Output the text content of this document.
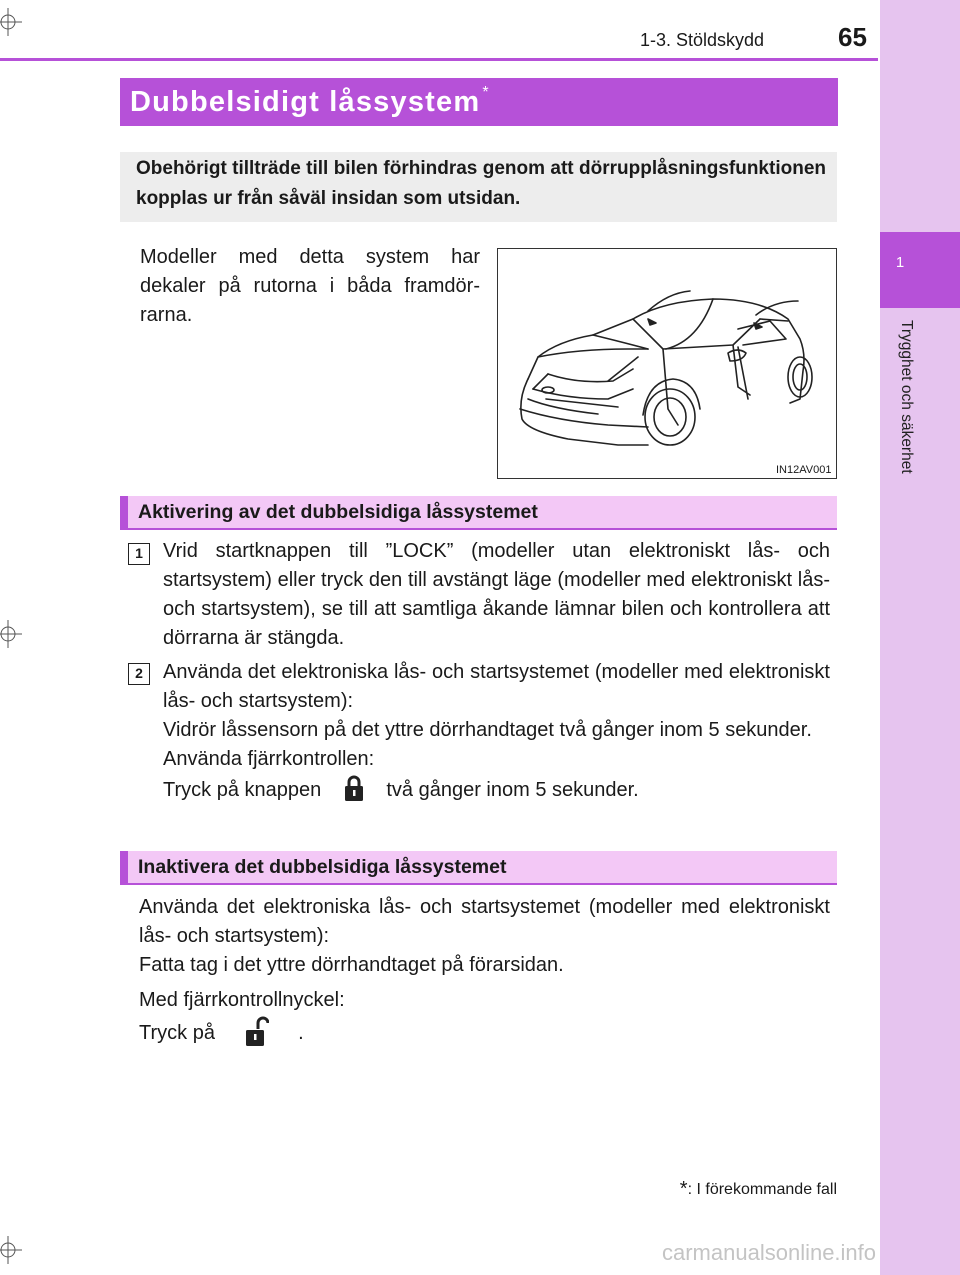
1
Trygghet och säkerhet
1-3. Stöldskydd	65
Dubbelsidigt låssystem *
Obehörigt tillträde till bilen förhindras genom att dörrupplåsningsfunktionen kopplas ur från såväl insidan som utsidan.
Modeller med detta system har dekaler på rutorna i båda framdörrarna.
IN12AV001
Aktivering av det dubbelsidiga låssystemet
1	Vrid startknappen till ”LOCK” (modeller utan elektroniskt lås- och startsystem) eller tryck den till avstängt läge (modeller med elektroniskt lås- och startsystem), se till att samtliga åkande lämnar bilen och kontrollera att dörrarna är stängda.
2	Använda det elektroniska lås- och startsystemet (modeller med elektroniskt lås- och startsystem):
Vidrör låssensorn på det yttre dörrhandtaget två gånger inom 5 sekunder.
Använda fjärrkontrollen:
Tryck på knappen	två gånger inom 5 sekunder.
Inaktivera det dubbelsidiga låssystemet
Använda det elektroniska lås- och startsystemet (modeller med elektroniskt lås- och startsystem):
Fatta tag i det yttre dörrhandtaget på förarsidan.
Med fjärrkontrollnyckel:
Tryck på	.
*: I förekommande fall
carmanualsonline.info
